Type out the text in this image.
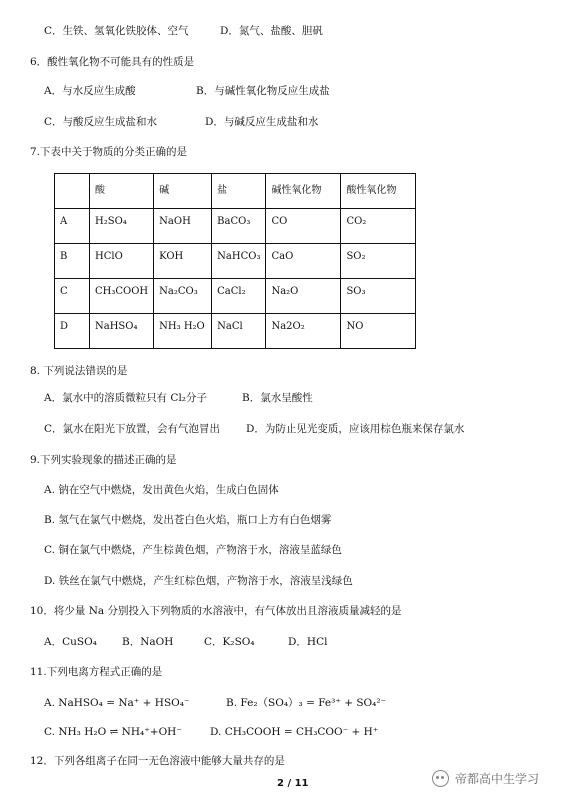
C．生铁、氢氧化铁胶体、空气	D．氮气、盐酸、胆矾
6．酸性氧化物不可能具有的性质是
A．与水反应生成酸	B．与碱性氧化物反应生成盐
C．与酸反应生成盐和水	D．与碱反应生成盐和水
7.下表中关于物质的分类正确的是
	酸	碱	盐	碱性氧化物	酸性氧化物
A	H₂SO₄	NaOH	BaCO₃	CO	CO₂
B	HClO	KOH	NaHCO₃	CaO	SO₂
C	CH₃COOH	Na₂CO₃	CaCl₂	Na₂O	SO₃
D	NaHSO₄	NH₃ H₂O	NaCl	Na2O₂	NO
8. 下列说法错误的是
A．氯水中的溶质微粒只有 Cl₂分子	B．氯水呈酸性
C．氯水在阳光下放置，会有气泡冒出 D．为防止见光变质，应该用棕色瓶来保存氯水
9.下列实验现象的描述正确的是
A. 钠在空气中燃烧，发出黄色火焰，生成白色固体
B. 氢气在氯气中燃烧，发出苍白色火焰，瓶口上方有白色烟雾
C. 铜在氯气中燃烧，产生棕黄色烟，产物溶于水，溶液呈蓝绿色
D. 铁丝在氯气中燃烧，产生红棕色烟，产物溶于水，溶液呈浅绿色
10．将少量 Na 分别投入下列物质的水溶液中，有气体放出且溶液质量减轻的是
A．CuSO₄ B．NaOH	C．K₂SO₄	D．HCl
11.下列电离方程式正确的是
A. NaHSO₄ = Na⁺ + HSO₄⁻	B. Fe₂（SO₄）₃ = Fe³⁺ + SO₄²⁻
C. NH₃ H₂O ⇌ NH₄⁺+OH⁻	D. CH₃COOH = CH₃COO⁻ + H⁺
12．下列各组离子在同一无色溶液中能够大量共存的是
2 / 11	帝都高中生学习
